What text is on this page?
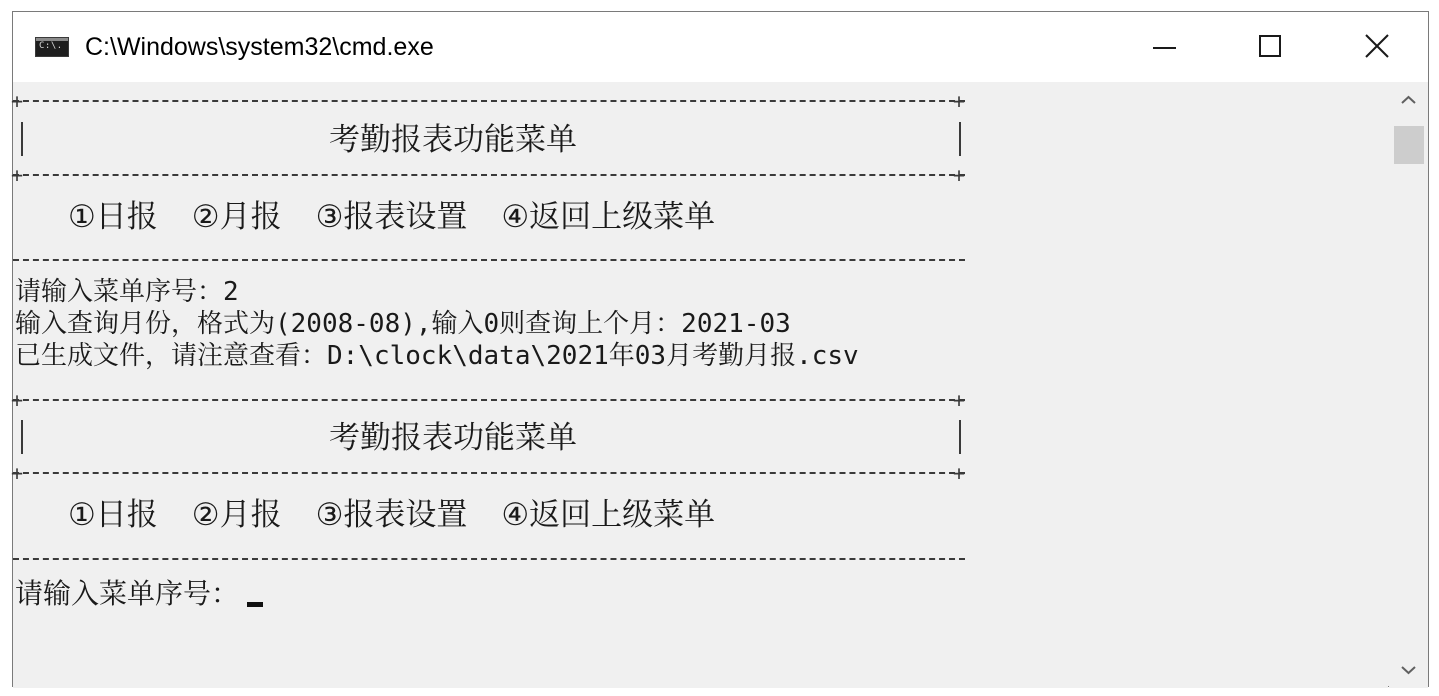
C:\. C:\Windows\system32\cmd.exe
+	+
考勤报表功能菜单
+	+
①日报 ②月报 ③报表设置 ④返回上级菜单
请输入菜单序号：2
输入查询月份，格式为(2008-08),输入0则查询上个月：2021-03
已生成文件，请注意查看：D:\clock\data\2021年03月考勤月报.csv
+	+
考勤报表功能菜单
+	+
①日报 ②月报 ③报表设置 ④返回上级菜单
请输入菜单序号：
